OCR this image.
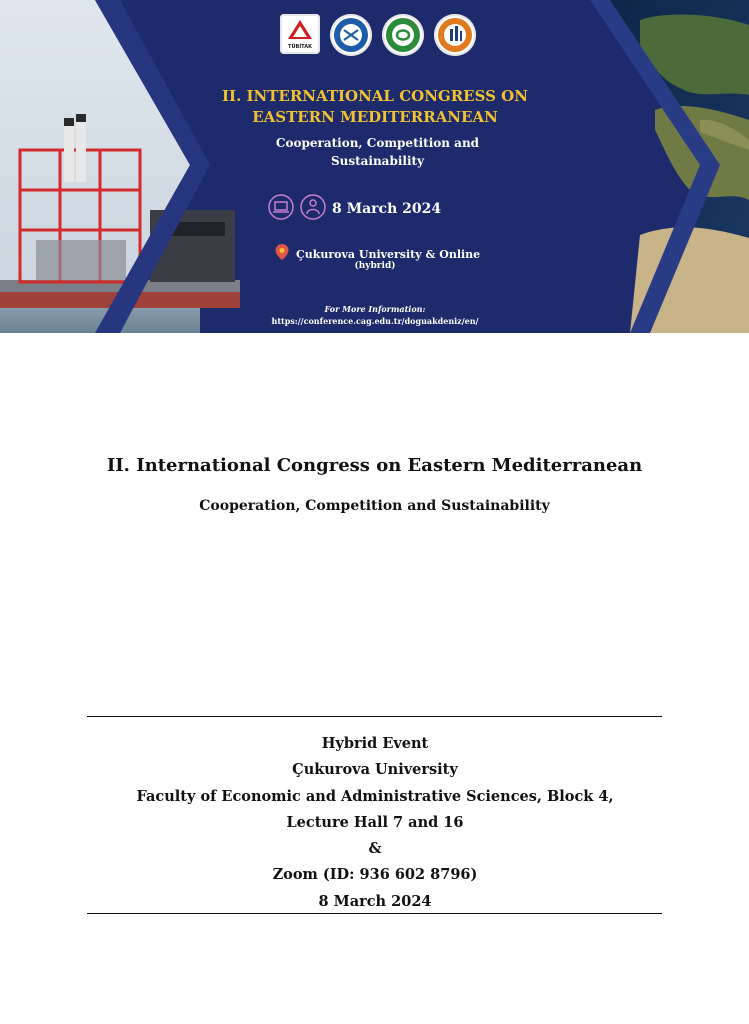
TÜBİTAK
II. INTERNATIONAL CONGRESS ON
EASTERN MEDITERRANEAN
Cooperation, Competition and
Sustainability
8 March 2024
Çukurova University & Online
(hybrid)
For More Information:
https://conference.cag.edu.tr/doguakdeniz/en/
II. International Congress on Eastern Mediterranean
Cooperation, Competition and Sustainability
Hybrid Event
Çukurova University
Faculty of Economic and Administrative Sciences, Block 4,
Lecture Hall 7 and 16
&
Zoom (ID: 936 602 8796)
8 March 2024
